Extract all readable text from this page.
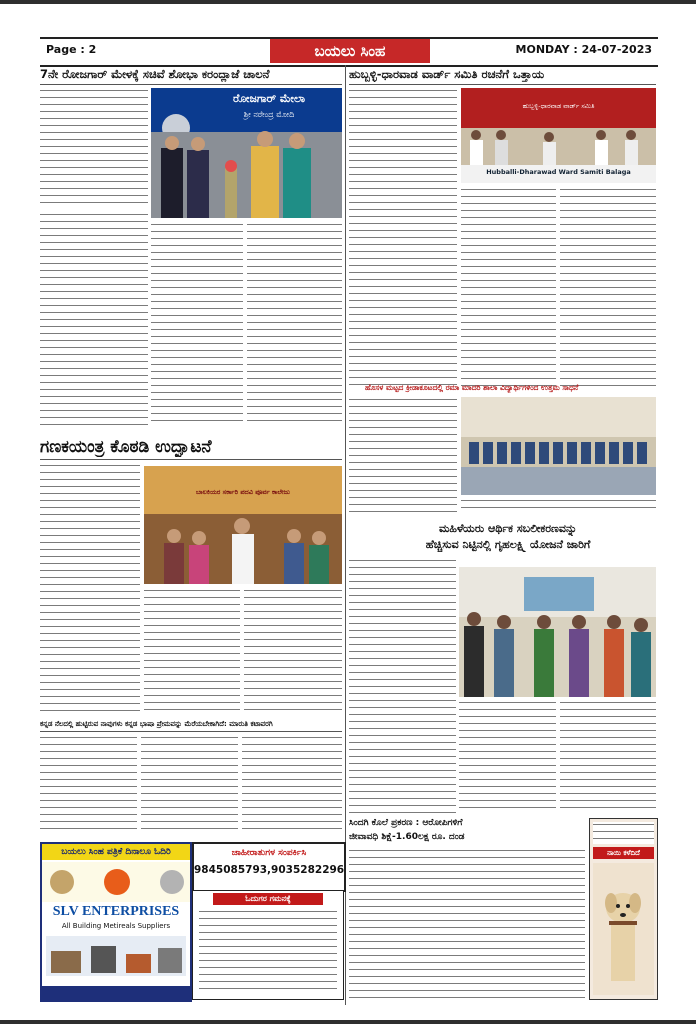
Page : 2	ಬಯಲು ಸಿಂಹ	MONDAY : 24-07-2023
7ನೇ ರೋಜಗಾರ್ ಮೇಳಕ್ಕೆ ಸಚಿವೆ ಶೋಭಾ ಕರಂದ್ಲಾಜೆ ಚಾಲನೆ
ರೋಜಗಾರ್ ಮೇಲಾ
ಶ್ರೀ ನರೇಂದ್ರ ಮೋದಿ
ಹುಬ್ಬಳ್ಳಿ-ಧಾರವಾಡ ವಾರ್ಡ್ ಸಮಿತಿ ರಚನೆಗೆ ಒತ್ತಾಯ
ಹುಬ್ಬಳ್ಳಿ-ಧಾರವಾಡ ವಾರ್ಡ್ ಸಮಿತಿ
Hubballi-Dharawad Ward Samiti Balaga
ಹೊಸಳ ಮಟ್ಟದ ಕ್ರೀಡಾಕೂಟದಲ್ಲಿ ರಮಾ ಮಾದರಿ ಶಾಲಾ ವಿದ್ಯಾರ್ಥಿಗಳಿಂದ ಉತ್ತಮ ಸಾಧನೆ
ಗಣಕಯಂತ್ರ ಕೊಠಡಿ ಉದ್ಘಾಟನೆ
ಬಾಲಕಿಯರ ಸರ್ಕಾರಿ ಪದವಿ ಪೂರ್ವ ಕಾಲೇಜು
ಮಹಿಳೆಯರು ಆರ್ಥಿಕ ಸಬಲೀಕರಣವನ್ನು
ಹೆಚ್ಚಿಸುವ ನಿಟ್ಟಿನಲ್ಲಿ ಗೃಹಲಕ್ಷ್ಮಿ ಯೋಜನೆ ಜಾರಿಗೆ
ಕನ್ನಡ ನೆಲದಲ್ಲಿ ಹುಟ್ಟಿರುವ ನಾವುಗಳು ಕನ್ನಡ ಭಾಷಾ ಪ್ರೇಮವನ್ನು ಮೆರೆಯಬೇಕಾಗಿದೆ: ಮಾರುತಿ ಕಟಾವರಗಿ
ಬಯಲು ಸಿಂಹ ಪತ್ರಿಕೆ ದಿನಾಲೂ ಓದಿರಿ
SLV ENTERPRISES
All Building Metireals Suppliers
ಜಾಹೀರಾತುಗಳ ಸಂಪರ್ಕಿಸಿ
9845085793,9035282296
ಓದುಗರ ಗಮನಕ್ಕೆ
ಸಿಂದಗಿ ಕೊಲೆ ಪ್ರಕರಣ : ಆರೋಪಿಗಳಿಗೆ
ಜೀವಾವಧಿ ಶಿಕ್ಷೆ-1.60ಲಕ್ಷ ರೂ. ದಂಡ
ನಾಯಿ ಕಳೆದಿದೆ
